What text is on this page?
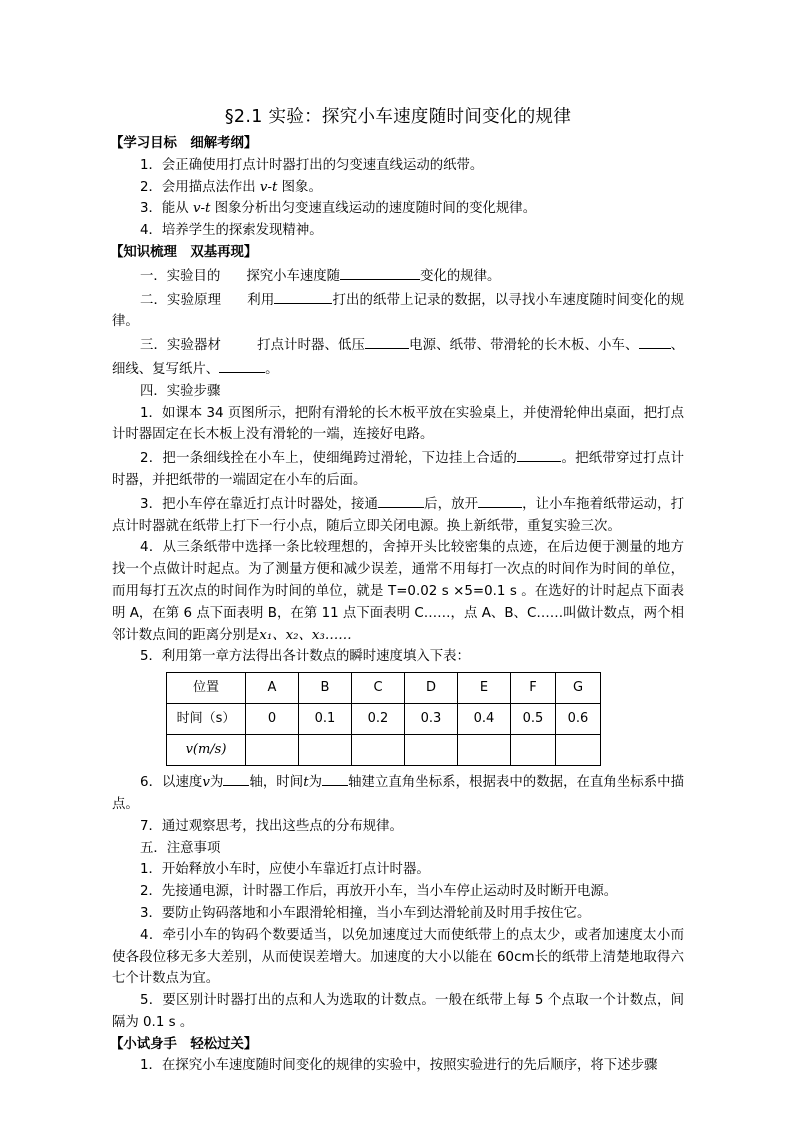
§2.1 实验：探究小车速度随时间变化的规律
【学习目标　细解考纲】
1．会正确使用打点计时器打出的匀变速直线运动的纸带。
2．会用描点法作出 v-t 图象。
3．能从 v-t 图象分析出匀变速直线运动的速度随时间的变化规律。
4．培养学生的探索发现精神。
【知识梳理　双基再现】
一．实验目的 探究小车速度随	变化的规律。
二．实验原理 利用	打出的纸带上记录的数据，以寻找小车速度随时间变化的规律。
三．实验器材	打点计时器、低压	电源、纸带、带滑轮的长木板、小车、 、细线、复写纸片、	。
四．实验步骤
1．如课本 34 页图所示，把附有滑轮的长木板平放在实验桌上，并使滑轮伸出桌面，把打点计时器固定在长木板上没有滑轮的一端，连接好电路。
2．把一条细线拴在小车上，使细绳跨过滑轮，下边挂上合适的	。把纸带穿过打点计时器，并把纸带的一端固定在小车的后面。
3．把小车停在靠近打点计时器处，接通	后，放开	，让小车拖着纸带运动，打点计时器就在纸带上打下一行小点，随后立即关闭电源。换上新纸带，重复实验三次。
4．从三条纸带中选择一条比较理想的，舍掉开头比较密集的点迹，在后边便于测量的地方找一个点做计时起点。为了测量方便和减少误差，通常不用每打一次点的时间作为时间的单位，而用每打五次点的时间作为时间的单位，就是 T=0.02 s ×5=0.1 s 。在选好的计时起点下面表明 A，在第 6 点下面表明 B，在第 11 点下面表明 C……，点 A、B、C……叫做计数点，两个相邻计数点间的距离分别是x₁、x₂、x₃……
5．利用第一章方法得出各计数点的瞬时速度填入下表：
位置	A	B	C	D	E	F	G
时间（s）	0	0.1	0.2	0.3	0.4	0.5	0.6
v(m/s)							
6．以速度v为 轴，时间t为 轴建立直角坐标系，根据表中的数据，在直角坐标系中描点。
7．通过观察思考，找出这些点的分布规律。
五．注意事项
1．开始释放小车时，应使小车靠近打点计时器。
2．先接通电源，计时器工作后，再放开小车，当小车停止运动时及时断开电源。
3．要防止钩码落地和小车跟滑轮相撞，当小车到达滑轮前及时用手按住它。
4．牵引小车的钩码个数要适当，以免加速度过大而使纸带上的点太少，或者加速度太小而使各段位移无多大差别，从而使误差增大。加速度的大小以能在 60cm长的纸带上清楚地取得六七个计数点为宜。
5．要区别计时器打出的点和人为选取的计数点。一般在纸带上每 5 个点取一个计数点，间隔为 0.1 s 。
【小试身手　轻松过关】
1．在探究小车速度随时间变化的规律的实验中，按照实验进行的先后顺序，将下述步骤
